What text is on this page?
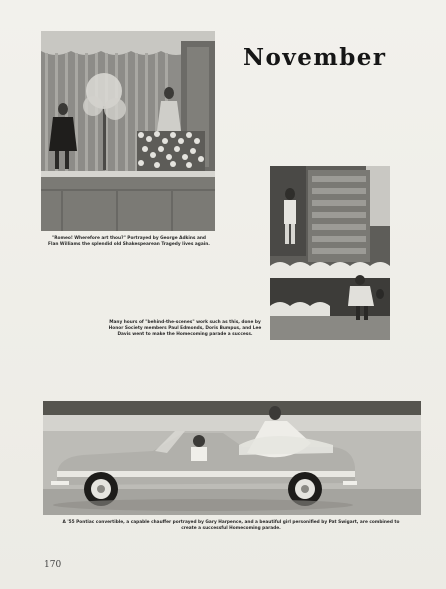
November
"Romeo! Wherefore art thou?" Portrayed by George Adkins and Flan Williams the splendid old Shakespearean Tragedy lives again.
Many hours of "behind-the-scenes" work such as this, done by Honor Society members Paul Edmonds, Doris Bumpus, and Lee Davis went to make the Homecoming parade a success.
A '55 Pontiac convertible, a capable chauffer portrayed by Gary Harpence, and a beautiful girl personified by Pat Swigart, are combined to create a successful Homecoming parade.
170
